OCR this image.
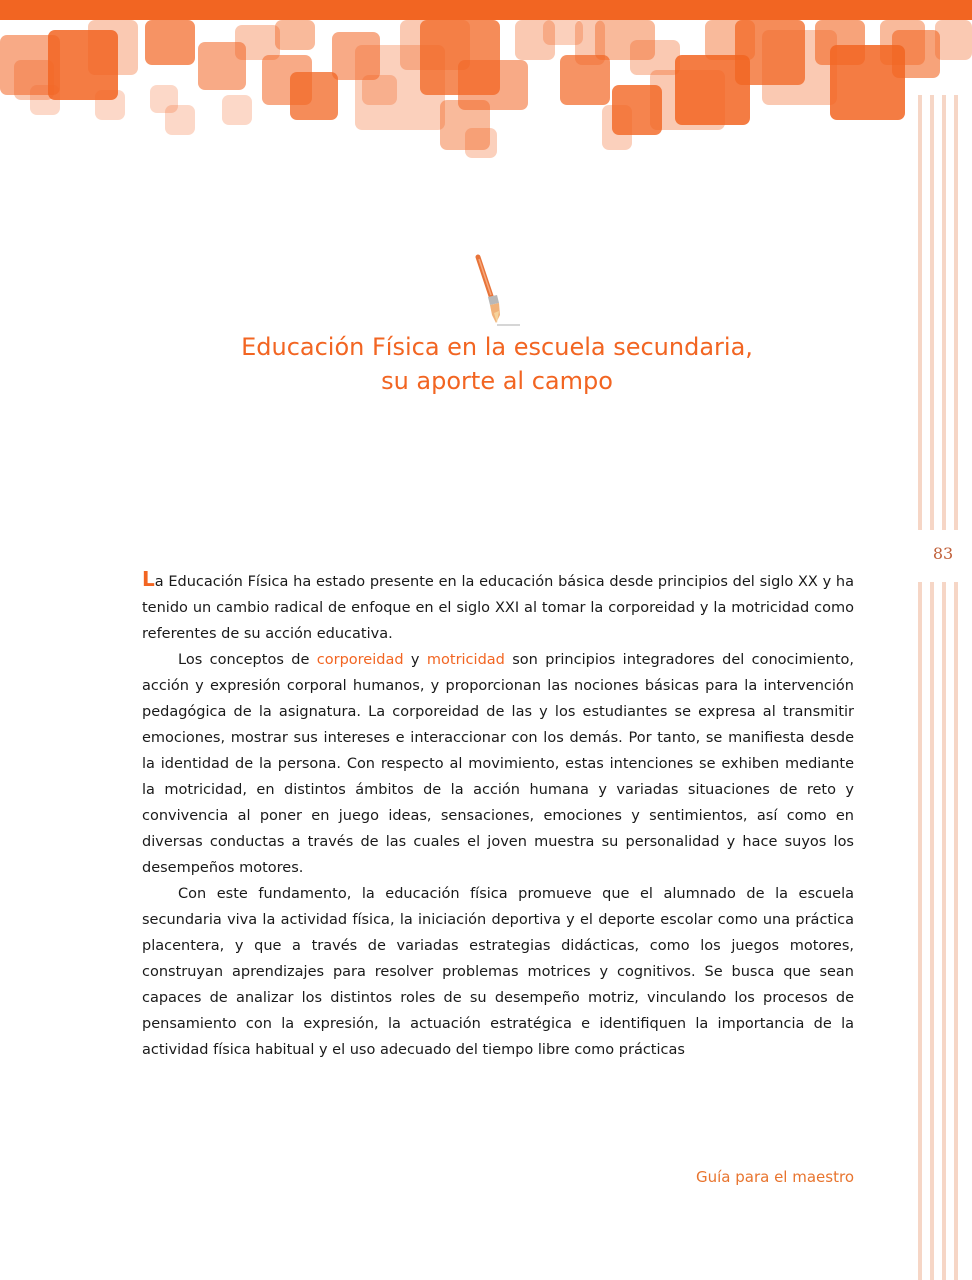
83
Educación Física en la escuela secundaria,
su aporte al campo

La Educación Física ha estado presente en la educación básica desde principios del siglo XX y ha tenido un cambio radical de enfoque en el siglo XXI al tomar la corporeidad y la motricidad como referentes de su acción educativa.

Los conceptos de corporeidad y motricidad son principios integradores del conocimiento, acción y expresión corporal humanos, y proporcionan las nociones básicas para la intervención pedagógica de la asignatura. La corporeidad de las y los estudiantes se expresa al transmitir emociones, mostrar sus intereses e interaccionar con los demás. Por tanto, se manifiesta desde la identidad de la persona. Con respecto al movimiento, estas intenciones se exhiben mediante la motricidad, en distintos ámbitos de la acción humana y variadas situaciones de reto y convivencia al poner en juego ideas, sensaciones, emociones y sentimientos, así como en diversas conductas a través de las cuales el joven muestra su personalidad y hace suyos los desempeños motores.

Con este fundamento, la educación física promueve que el alumnado de la escuela secundaria viva la actividad física, la iniciación deportiva y el deporte escolar como una práctica placentera, y que a través de variadas estrategias didácticas, como los juegos motores, construyan aprendizajes para resolver problemas motrices y cognitivos. Se busca que sean capaces de analizar los distintos roles de su desempeño motriz, vinculando los procesos de pensamiento con la expresión, la actuación estratégica e identifiquen la importancia de la actividad física habitual y el uso adecuado del tiempo libre como prácticas

Guía para el maestro
